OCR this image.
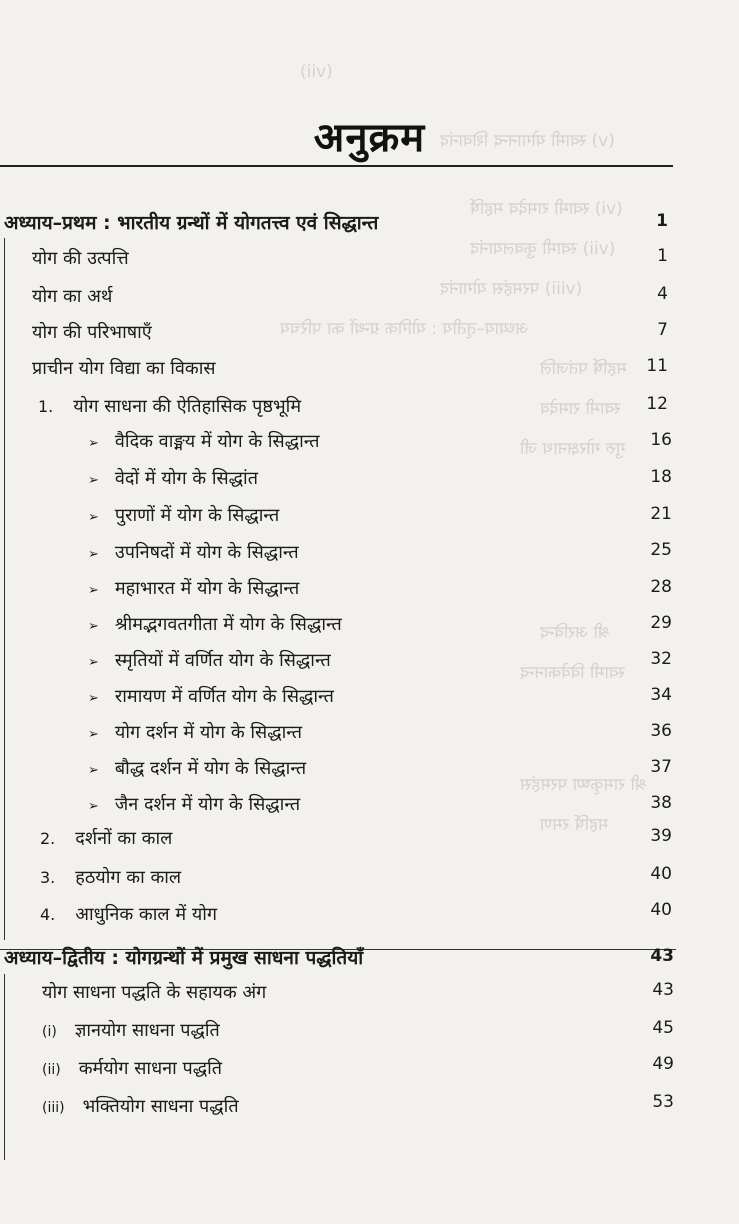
(vii)
(v) स्वामी योगानन्द शिवानंद
(vi) स्वामी रामदेव महर्षि
(vii) स्वामी कुवलयानंद
(viii) परमहंस योगानंद
अध्याय–तृतीय : योगिक ग्रन्थों का परिचय
महर्षि पतंजलि
स्वामी रामदेव
गुरु गोरक्षनाथ जी
श्री अरविन्द
स्वामी विवेकानन्द
श्री रामकृष्ण परमहंस
महर्षि रमण
अनुक्रम
अध्याय–प्रथम : भारतीय ग्रन्थों में योगतत्त्व एवं सिद्धान्त	1
योग की उत्पत्ति	1
योग का अर्थ	4
योग की परिभाषाएँ	7
प्राचीन योग विद्या का विकास	11
1. योग साधना की ऐतिहासिक पृष्ठभूमि	12
➢ वैदिक वाङ्मय में योग के सिद्धान्त	16
➢ वेदों में योग के सिद्धांत	18
➢ पुराणों में योग के सिद्धान्त	21
➢ उपनिषदों में योग के सिद्धान्त	25
➢ महाभारत में योग के सिद्धान्त	28
➢ श्रीमद्भगवतगीता में योग के सिद्धान्त	29
➢ स्मृतियों में वर्णित योग के सिद्धान्त	32
➢ रामायण में वर्णित योग के सिद्धान्त	34
➢ योग दर्शन में योग के सिद्धान्त	36
➢ बौद्ध दर्शन में योग के सिद्धान्त	37
➢ जैन दर्शन में योग के सिद्धान्त	38
2. दर्शनों का काल	39
3. हठयोग का काल	40
4. आधुनिक काल में योग	40
अध्याय–द्वितीय : योगग्रन्थों में प्रमुख साधना पद्धतियाँ	43
योग साधना पद्धति के सहायक अंग	43
(i) ज्ञानयोग साधना पद्धति	45
(ii) कर्मयोग साधना पद्धति	49
(iii) भक्तियोग साधना पद्धति	53
